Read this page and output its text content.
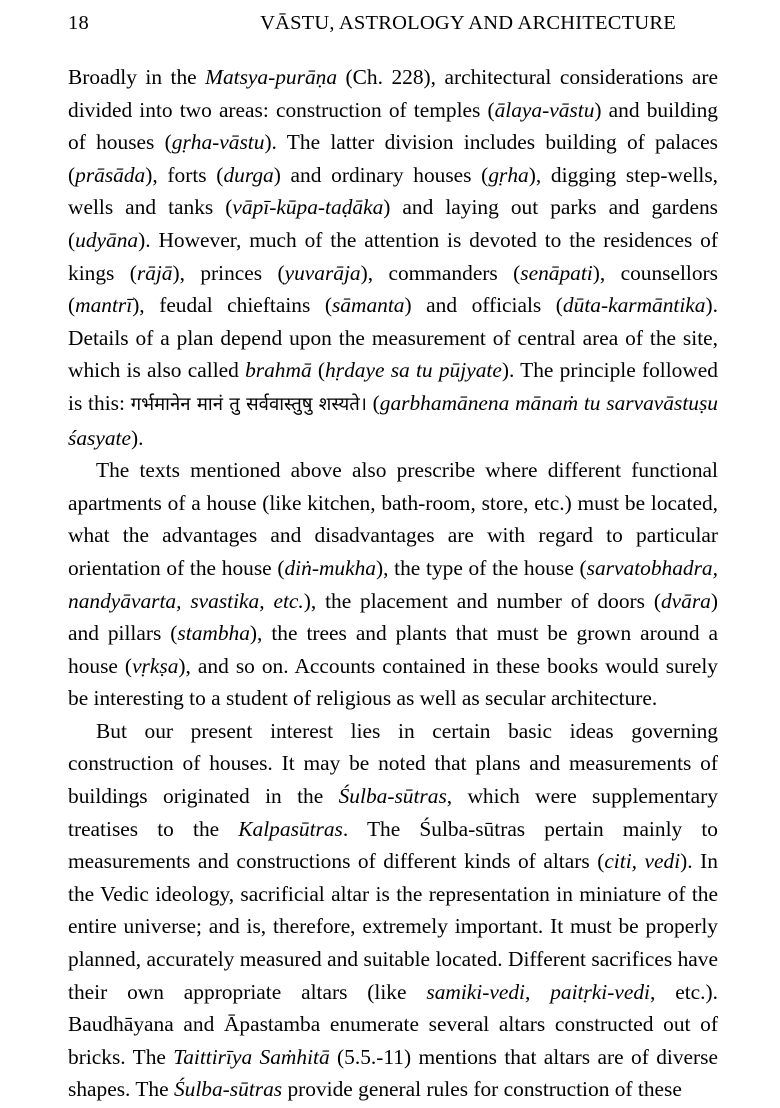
18	VĀSTU, ASTROLOGY AND ARCHITECTURE

Broadly in the Matsya-purāṇa (Ch. 228), architectural considerations are divided into two areas: construction of temples (ālaya-vāstu) and building of houses (gṛha-vāstu). The latter division includes building of palaces (prāsāda), forts (durga) and ordinary houses (gṛha), digging step-wells, wells and tanks (vāpī-kūpa-taḍāka) and laying out parks and gardens (udyāna). However, much of the attention is devoted to the residences of kings (rājā), princes (yuvarāja), commanders (senāpati), counsellors (mantrī), feudal chieftains (sāmanta) and officials (dūta-karmāntika). Details of a plan depend upon the measurement of central area of the site, which is also called brahmā (hṛdaye sa tu pūjyate). The principle followed is this: गर्भमानेन मानं तु सर्ववास्तुषु शस्यते। (garbhamānena mānaṁ tu sarvavāstuṣu śasyate).

The texts mentioned above also prescribe where different functional apartments of a house (like kitchen, bath-room, store, etc.) must be located, what the advantages and disadvantages are with regard to particular orientation of the house (diṅ-mukha), the type of the house (sarvatobhadra, nandyāvarta, svastika, etc.), the placement and number of doors (dvāra) and pillars (stambha), the trees and plants that must be grown around a house (vṛkṣa), and so on. Accounts contained in these books would surely be interesting to a student of religious as well as secular architecture.

But our present interest lies in certain basic ideas governing construction of houses. It may be noted that plans and measurements of buildings originated in the Śulba-sūtras, which were supplementary treatises to the Kalpasūtras. The Śulba-sūtras pertain mainly to measurements and constructions of different kinds of altars (citi, vedi). In the Vedic ideology, sacrificial altar is the representation in miniature of the entire universe; and is, therefore, extremely important. It must be properly planned, accurately measured and suitable located. Different sacrifices have their own appropriate altars (like samiki-vedi, paitṛki-vedi, etc.). Baudhāyana and Āpastamba enumerate several altars constructed out of bricks. The Taittirīya Saṁhitā (5.5.-11) mentions that altars are of diverse shapes. The Śulba-sūtras provide general rules for construction of these
